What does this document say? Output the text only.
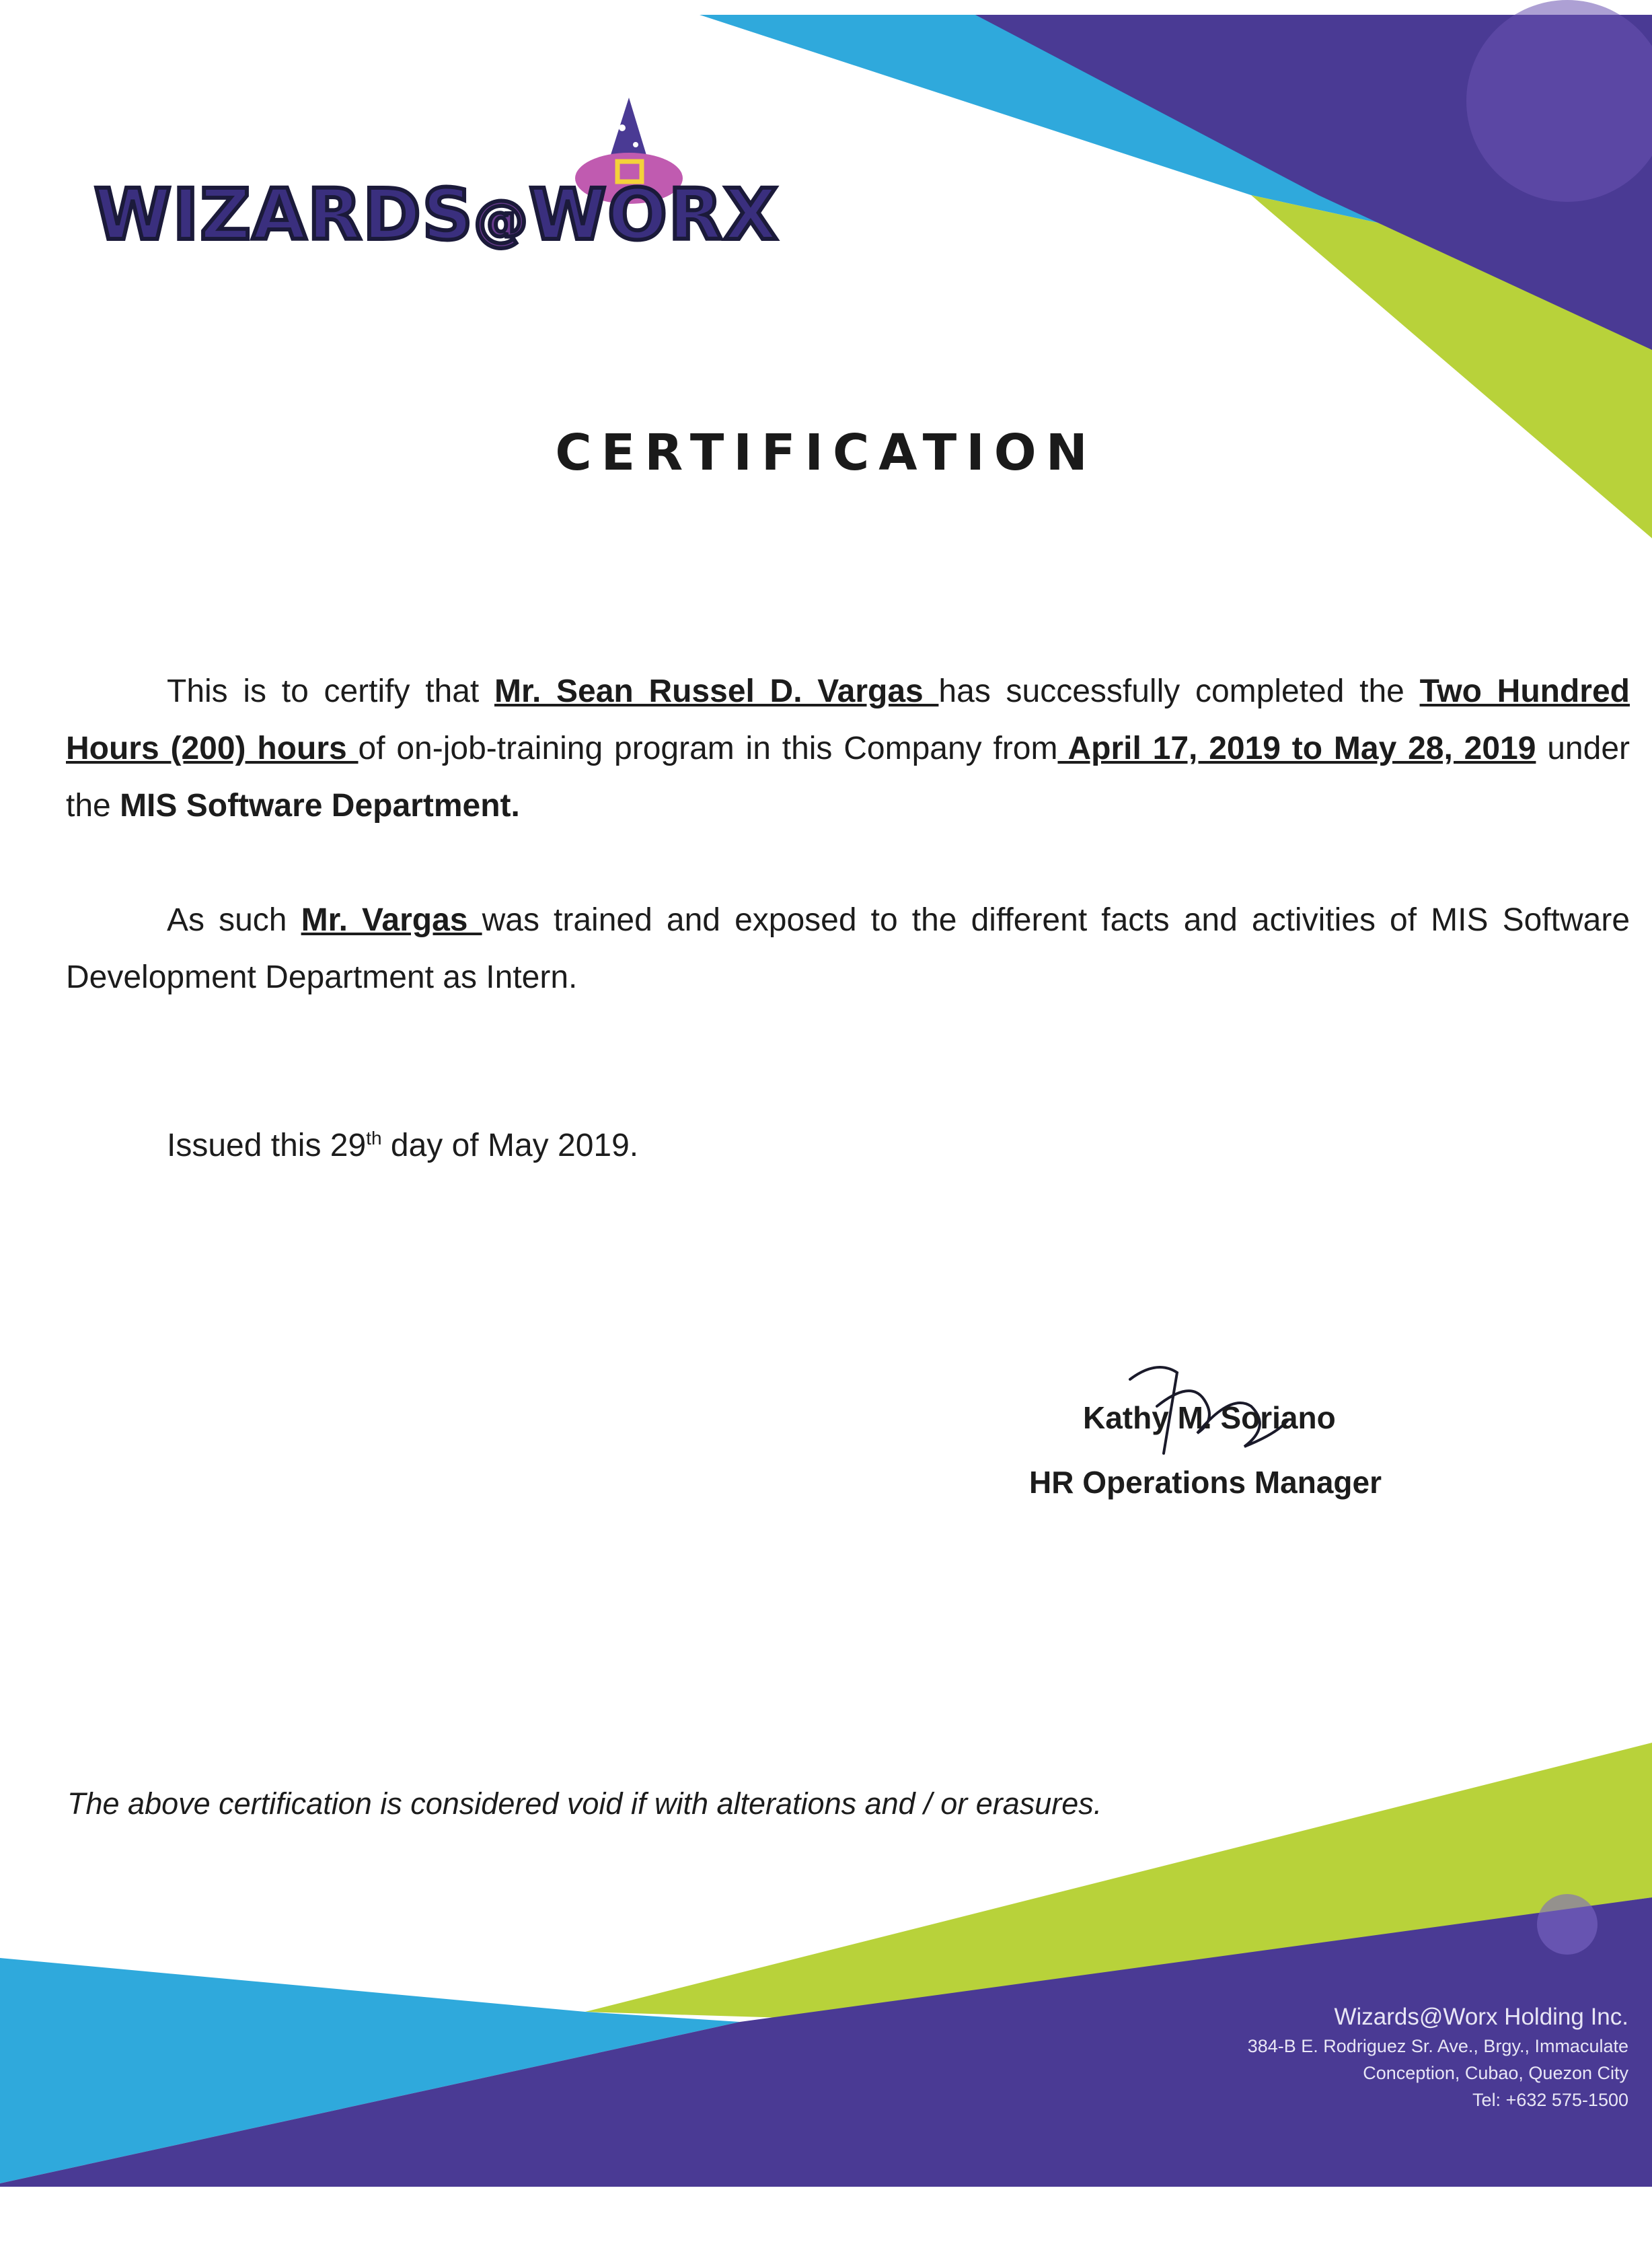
WIZARDS@WORX
CERTIFICATION
This is to certify that Mr. Sean Russel D. Vargas has successfully completed the Two Hundred Hours (200) hours of on-job-training program in this Company from April 17, 2019 to May 28, 2019 under the MIS Software Department.
As such Mr. Vargas was trained and exposed to the different facts and activities of MIS Software Development Department as Intern.
Issued this 29th day of May 2019.
Kathy M. Soriano
HR Operations Manager
The above certification is considered void if with alterations and / or erasures.
Wizards@Worx Holding Inc.
384-B E. Rodriguez Sr. Ave., Brgy., Immaculate
Conception, Cubao, Quezon City
Tel: +632 575-1500
